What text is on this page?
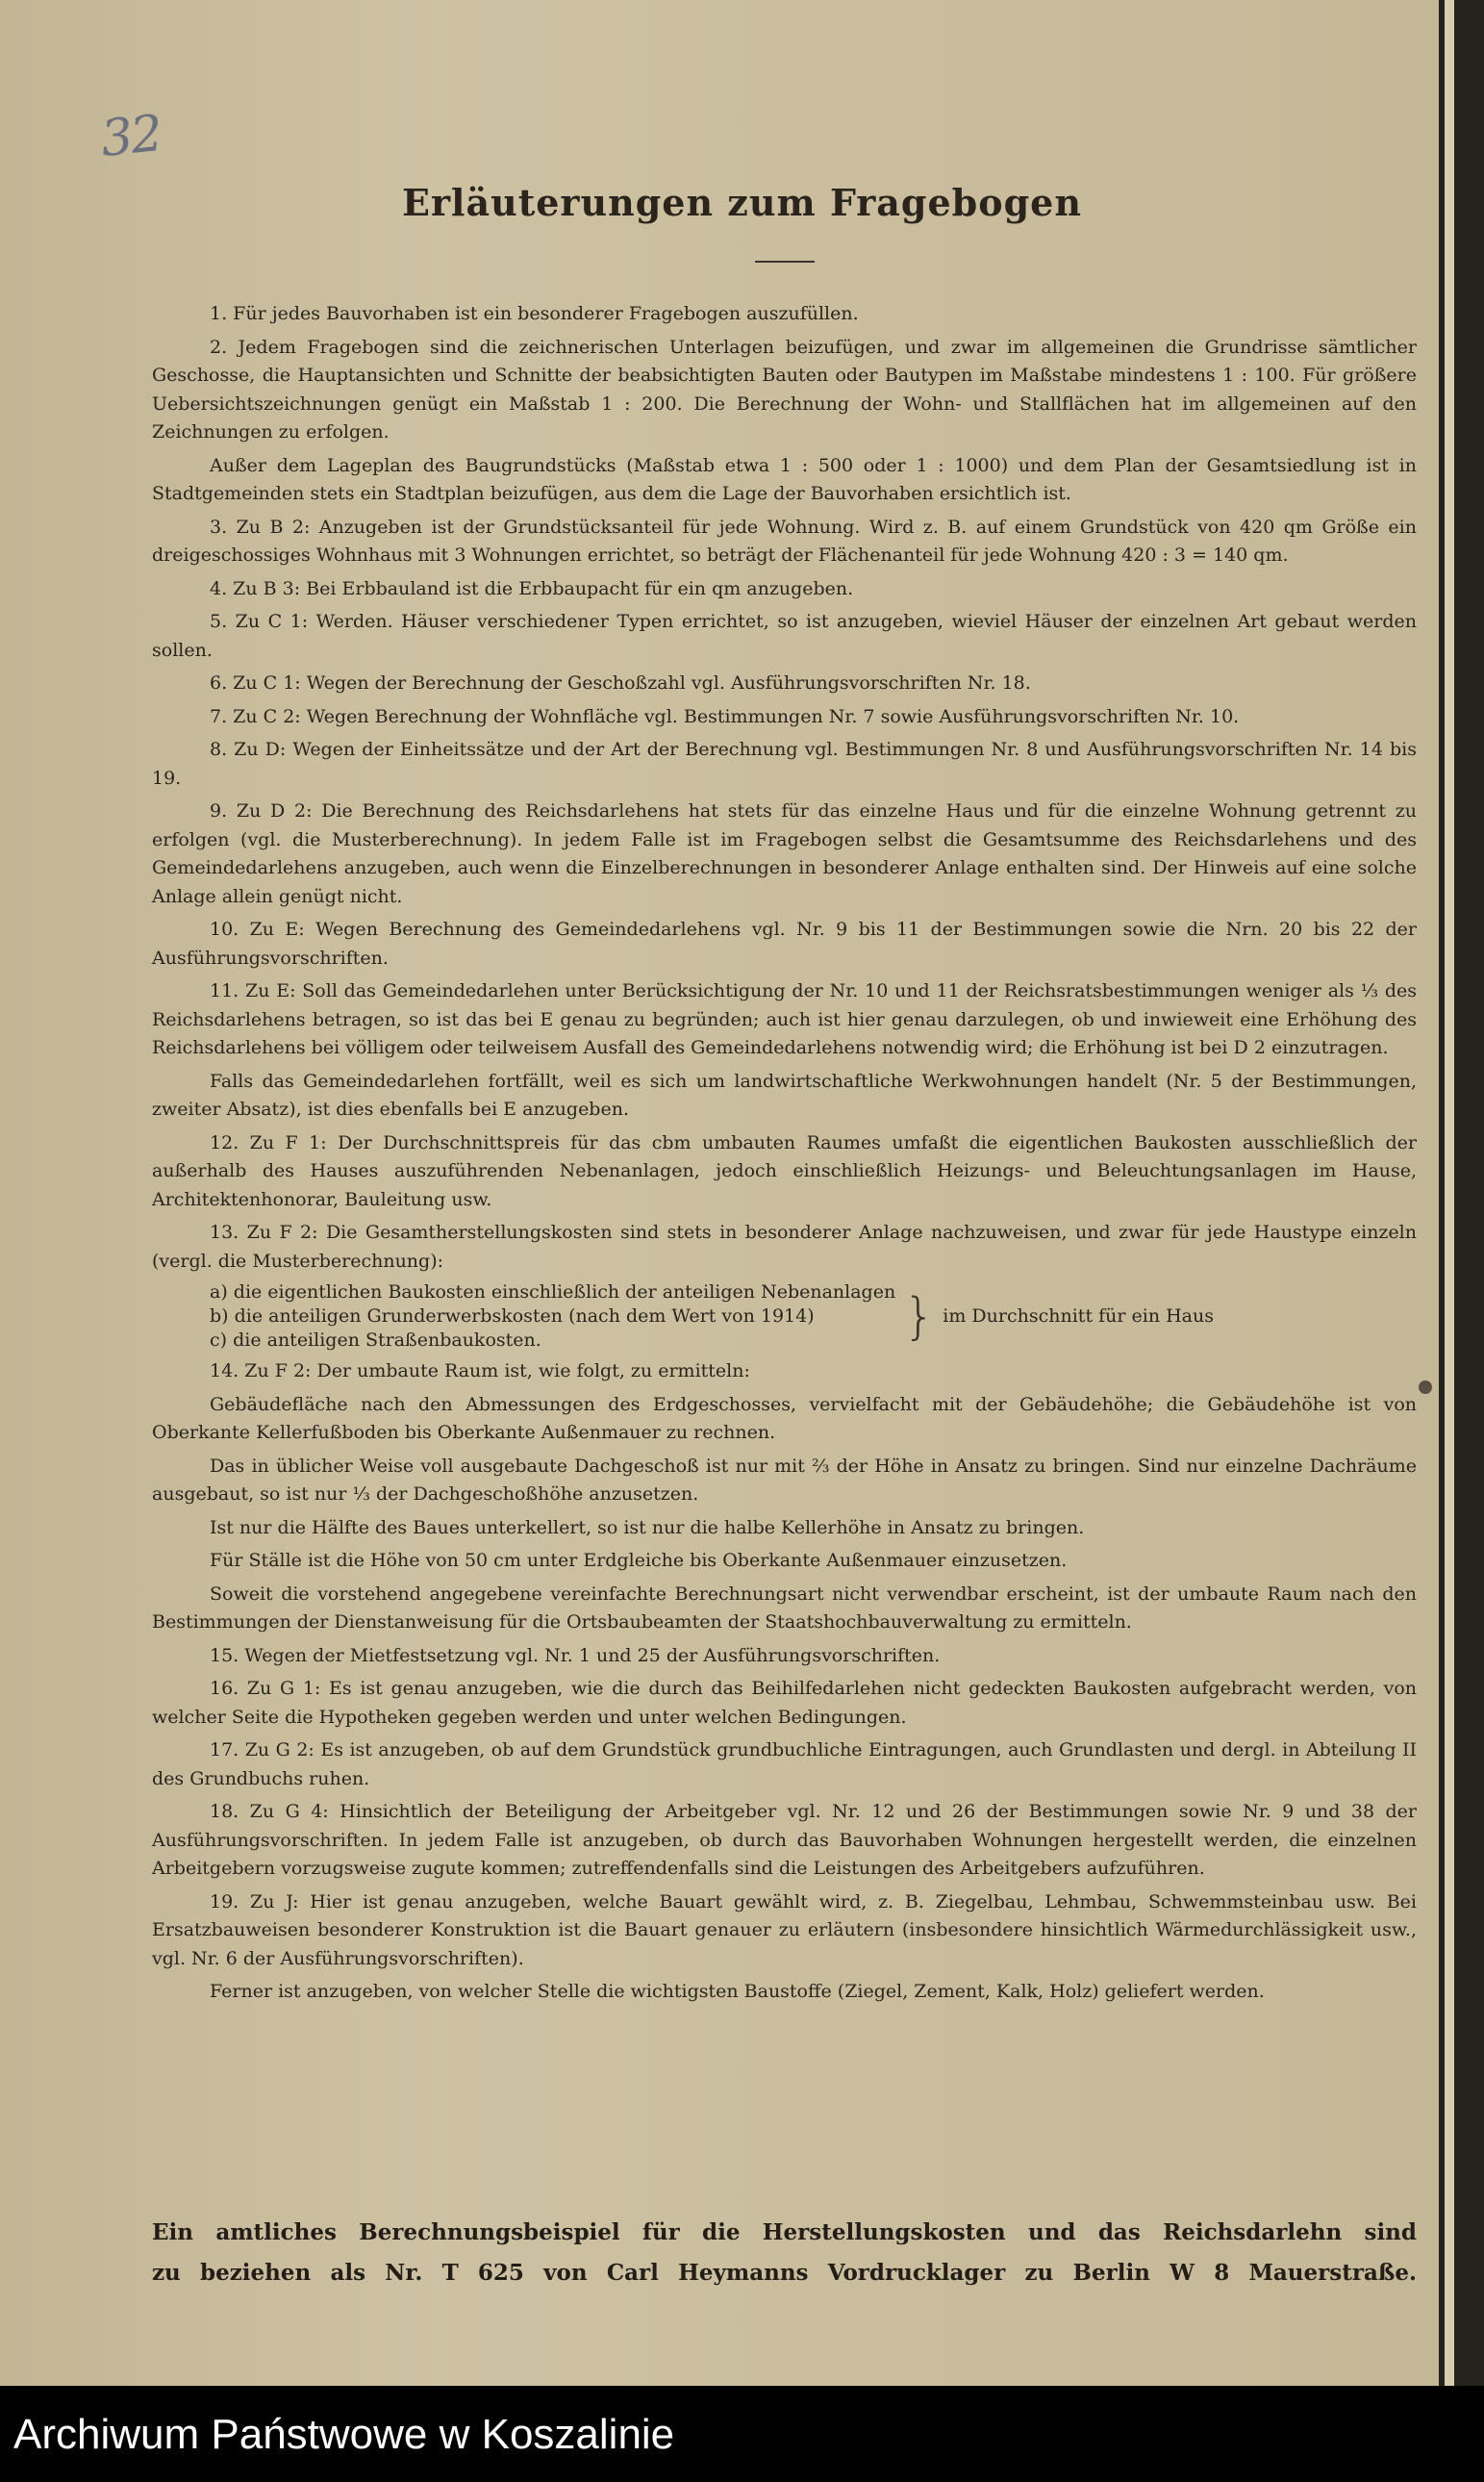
32
Erläuterungen zum Fragebogen

1. Für jedes Bauvorhaben ist ein besonderer Fragebogen auszufüllen.

2. Jedem Fragebogen sind die zeichnerischen Unterlagen beizufügen, und zwar im allgemeinen die Grundrisse sämtlicher Geschosse, die Hauptansichten und Schnitte der beabsichtigten Bauten oder Bautypen im Maßstabe mindestens 1 : 100. Für größere Uebersichtszeichnungen genügt ein Maßstab 1 : 200. Die Berechnung der Wohn- und Stallflächen hat im allgemeinen auf den Zeichnungen zu erfolgen.

Außer dem Lageplan des Baugrundstücks (Maßstab etwa 1 : 500 oder 1 : 1000) und dem Plan der Gesamtsiedlung ist in Stadtgemeinden stets ein Stadtplan beizufügen, aus dem die Lage der Bauvorhaben ersichtlich ist.

3. Zu B 2: Anzugeben ist der Grundstücksanteil für jede Wohnung. Wird z. B. auf einem Grundstück von 420 qm Größe ein dreigeschossiges Wohnhaus mit 3 Wohnungen errichtet, so beträgt der Flächenanteil für jede Wohnung 420 : 3 = 140 qm.

4. Zu B 3: Bei Erbbauland ist die Erbbaupacht für ein qm anzugeben.

5. Zu C 1: Werden. Häuser verschiedener Typen errichtet, so ist anzugeben, wieviel Häuser der einzelnen Art gebaut werden sollen.

6. Zu C 1: Wegen der Berechnung der Geschoßzahl vgl. Ausführungsvorschriften Nr. 18.

7. Zu C 2: Wegen Berechnung der Wohnfläche vgl. Bestimmungen Nr. 7 sowie Ausführungsvorschriften Nr. 10.

8. Zu D: Wegen der Einheitssätze und der Art der Berechnung vgl. Bestimmungen Nr. 8 und Ausführungsvorschriften Nr. 14 bis 19.

9. Zu D 2: Die Berechnung des Reichsdarlehens hat stets für das einzelne Haus und für die einzelne Wohnung getrennt zu erfolgen (vgl. die Musterberechnung). In jedem Falle ist im Fragebogen selbst die Gesamtsumme des Reichsdarlehens und des Gemeindedarlehens anzugeben, auch wenn die Einzelberechnungen in besonderer Anlage enthalten sind. Der Hinweis auf eine solche Anlage allein genügt nicht.

10. Zu E: Wegen Berechnung des Gemeindedarlehens vgl. Nr. 9 bis 11 der Bestimmungen sowie die Nrn. 20 bis 22 der Ausführungsvorschriften.

11. Zu E: Soll das Gemeindedarlehen unter Berücksichtigung der Nr. 10 und 11 der Reichsratsbestimmungen weniger als ⅓ des Reichsdarlehens betragen, so ist das bei E genau zu begründen; auch ist hier genau darzulegen, ob und inwieweit eine Erhöhung des Reichsdarlehens bei völligem oder teilweisem Ausfall des Gemeindedarlehens notwendig wird; die Erhöhung ist bei D 2 einzutragen.

Falls das Gemeindedarlehen fortfällt, weil es sich um landwirtschaftliche Werkwohnungen handelt (Nr. 5 der Bestimmungen, zweiter Absatz), ist dies ebenfalls bei E anzugeben.

12. Zu F 1: Der Durchschnittspreis für das cbm umbauten Raumes umfaßt die eigentlichen Baukosten ausschließlich der außerhalb des Hauses auszuführenden Nebenanlagen, jedoch einschließlich Heizungs- und Beleuchtungsanlagen im Hause, Architektenhonorar, Bauleitung usw.

13. Zu F 2: Die Gesamtherstellungskosten sind stets in besonderer Anlage nachzuweisen, und zwar für jede Haustype einzeln (vergl. die Musterberechnung):

a) die eigentlichen Baukosten einschließlich der anteiligen Nebenanlagen
b) die anteiligen Grunderwerbskosten (nach dem Wert von 1914)
c) die anteiligen Straßenbaukosten.	} im Durchschnitt für ein Haus

14. Zu F 2: Der umbaute Raum ist, wie folgt, zu ermitteln:

Gebäudefläche nach den Abmessungen des Erdgeschosses, vervielfacht mit der Gebäudehöhe; die Gebäudehöhe ist von Oberkante Kellerfußboden bis Oberkante Außenmauer zu rechnen.

Das in üblicher Weise voll ausgebaute Dachgeschoß ist nur mit ⅔ der Höhe in Ansatz zu bringen. Sind nur einzelne Dachräume ausgebaut, so ist nur ⅓ der Dachgeschoßhöhe anzusetzen.

Ist nur die Hälfte des Baues unterkellert, so ist nur die halbe Kellerhöhe in Ansatz zu bringen.

Für Ställe ist die Höhe von 50 cm unter Erdgleiche bis Oberkante Außenmauer einzusetzen.

Soweit die vorstehend angegebene vereinfachte Berechnungsart nicht verwendbar erscheint, ist der umbaute Raum nach den Bestimmungen der Dienstanweisung für die Ortsbaubeamten der Staatshochbauverwaltung zu ermitteln.

15. Wegen der Mietfestsetzung vgl. Nr. 1 und 25 der Ausführungsvorschriften.

16. Zu G 1: Es ist genau anzugeben, wie die durch das Beihilfedarlehen nicht gedeckten Baukosten aufgebracht werden, von welcher Seite die Hypotheken gegeben werden und unter welchen Bedingungen.

17. Zu G 2: Es ist anzugeben, ob auf dem Grundstück grundbuchliche Eintragungen, auch Grundlasten und dergl. in Abteilung II des Grundbuchs ruhen.

18. Zu G 4: Hinsichtlich der Beteiligung der Arbeitgeber vgl. Nr. 12 und 26 der Bestimmungen sowie Nr. 9 und 38 der Ausführungsvorschriften. In jedem Falle ist anzugeben, ob durch das Bauvorhaben Wohnungen hergestellt werden, die einzelnen Arbeitgebern vorzugsweise zugute kommen; zutreffendenfalls sind die Leistungen des Arbeitgebers aufzuführen.

19. Zu J: Hier ist genau anzugeben, welche Bauart gewählt wird, z. B. Ziegelbau, Lehmbau, Schwemmsteinbau usw. Bei Ersatzbauweisen besonderer Konstruktion ist die Bauart genauer zu erläutern (insbesondere hinsichtlich Wärmedurchlässigkeit usw., vgl. Nr. 6 der Ausführungsvorschriften).

Ferner ist anzugeben, von welcher Stelle die wichtigsten Baustoffe (Ziegel, Zement, Kalk, Holz) geliefert werden.

Ein amtliches Berechnungsbeispiel für die Herstellungskosten und das Reichsdarlehn sind
zu beziehen als Nr. T 625 von Carl Heymanns Vordrucklager zu Berlin W 8 Mauerstraße.
Archiwum Państwowe w Koszalinie
